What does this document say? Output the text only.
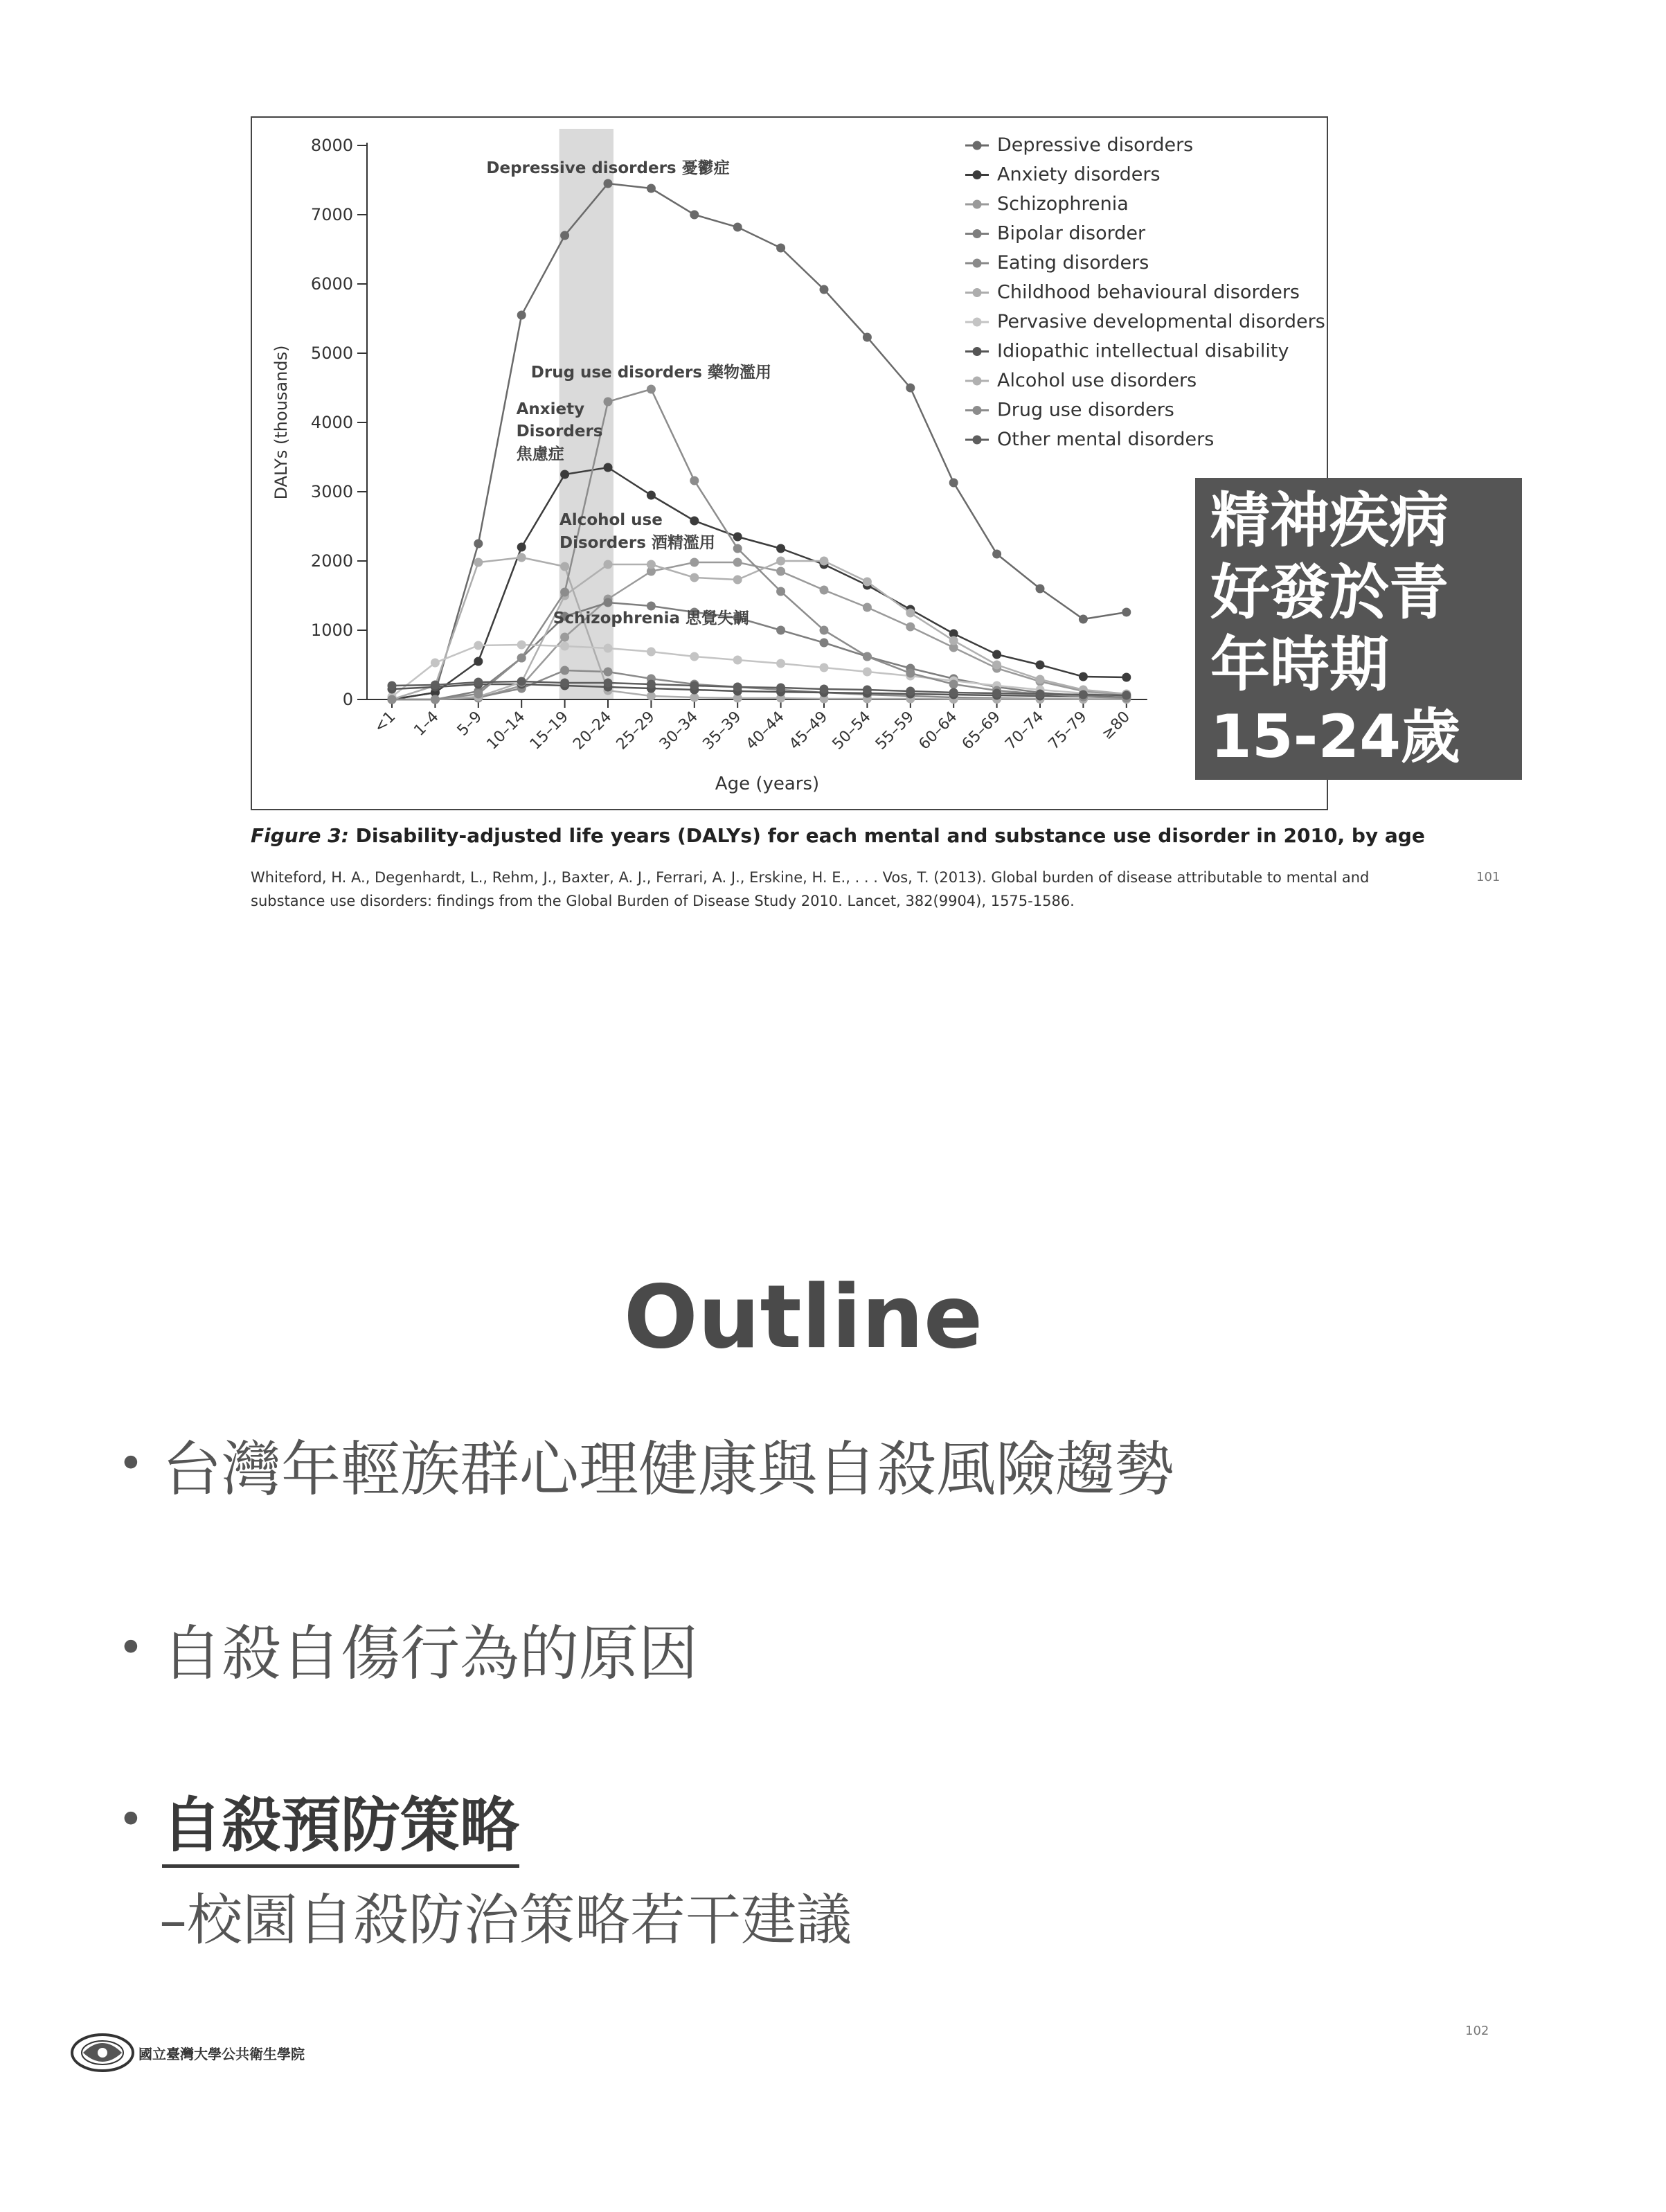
0
1000
2000
3000
4000
5000
6000
7000
8000
DALYs (thousands)
<1 1–4 5–9
10–14
15–19
20–24
25–29
30–34
35–39
40–44
45–49
50–54
55–59
60–64
65–69
70–74
75–79 ≥80
Age (years)
Depressive disorders 憂鬱症
Drug use disorders 藥物濫用
Anxiety
Disorders
焦慮症
Alcohol use
Disorders 酒精濫用
Schizophrenia 思覺失調
Depressive disorders
Anxiety disorders
Schizophrenia
Bipolar disorder
Eating disorders
Childhood behavioural disorders
Pervasive developmental disorders
Idiopathic intellectual disability
Alcohol use disorders
Drug use disorders
Other mental disorders
精神疾病
好發於青
年時期
15-24歲
Figure 3: Disability-adjusted life years (DALYs) for each mental and substance use disorder in 2010, by age
Whiteford, H. A., Degenhardt, L., Rehm, J., Baxter, A. J., Ferrari, A. J., Erskine, H. E., . . . Vos, T. (2013). Global burden of disease attributable to mental and substance use disorders: findings from the Global Burden of Disease Study 2010. Lancet, 382(9904), 1575-1586.
101
Outline
• 台灣年輕族群心理健康與自殺風險趨勢
• 自殺自傷行為的原因
• 自殺預防策略
–校園自殺防治策略若干建議
國立臺灣大學公共衛生學院
102
